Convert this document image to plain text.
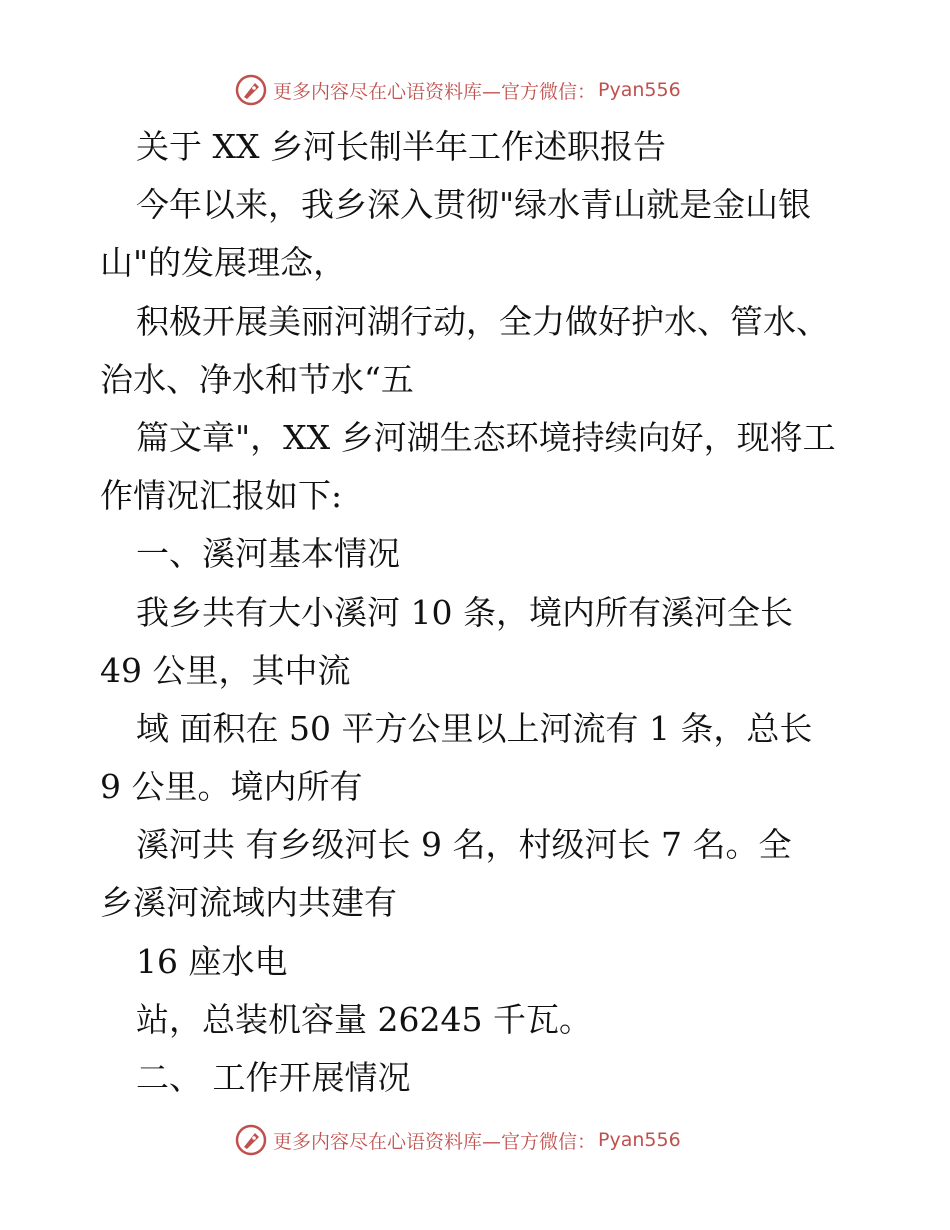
更多内容尽在心语资料库—官方微信： Pyan556
关于 XX 乡河长制半年工作述职报告
今年以来，我乡深入贯彻"绿水青山就是金山银
山"的发展理念，
积极开展美丽河湖行动，全力做好护水、管水、
治水、净水和节水“五
篇文章"，XX 乡河湖生态环境持续向好，现将工
作情况汇报如下:
一、溪河基本情况
我乡共有大小溪河 10 条，境内所有溪河全长
49 公里，其中流
域 面积在 50 平方公里以上河流有 1 条，总长
9 公里。境内所有
溪河共 有乡级河长 9 名，村级河长 7 名。全
乡溪河流域内共建有
16 座水电
站，总装机容量 26245 千瓦。
二、 工作开展情况
更多内容尽在心语资料库—官方微信： Pyan556
